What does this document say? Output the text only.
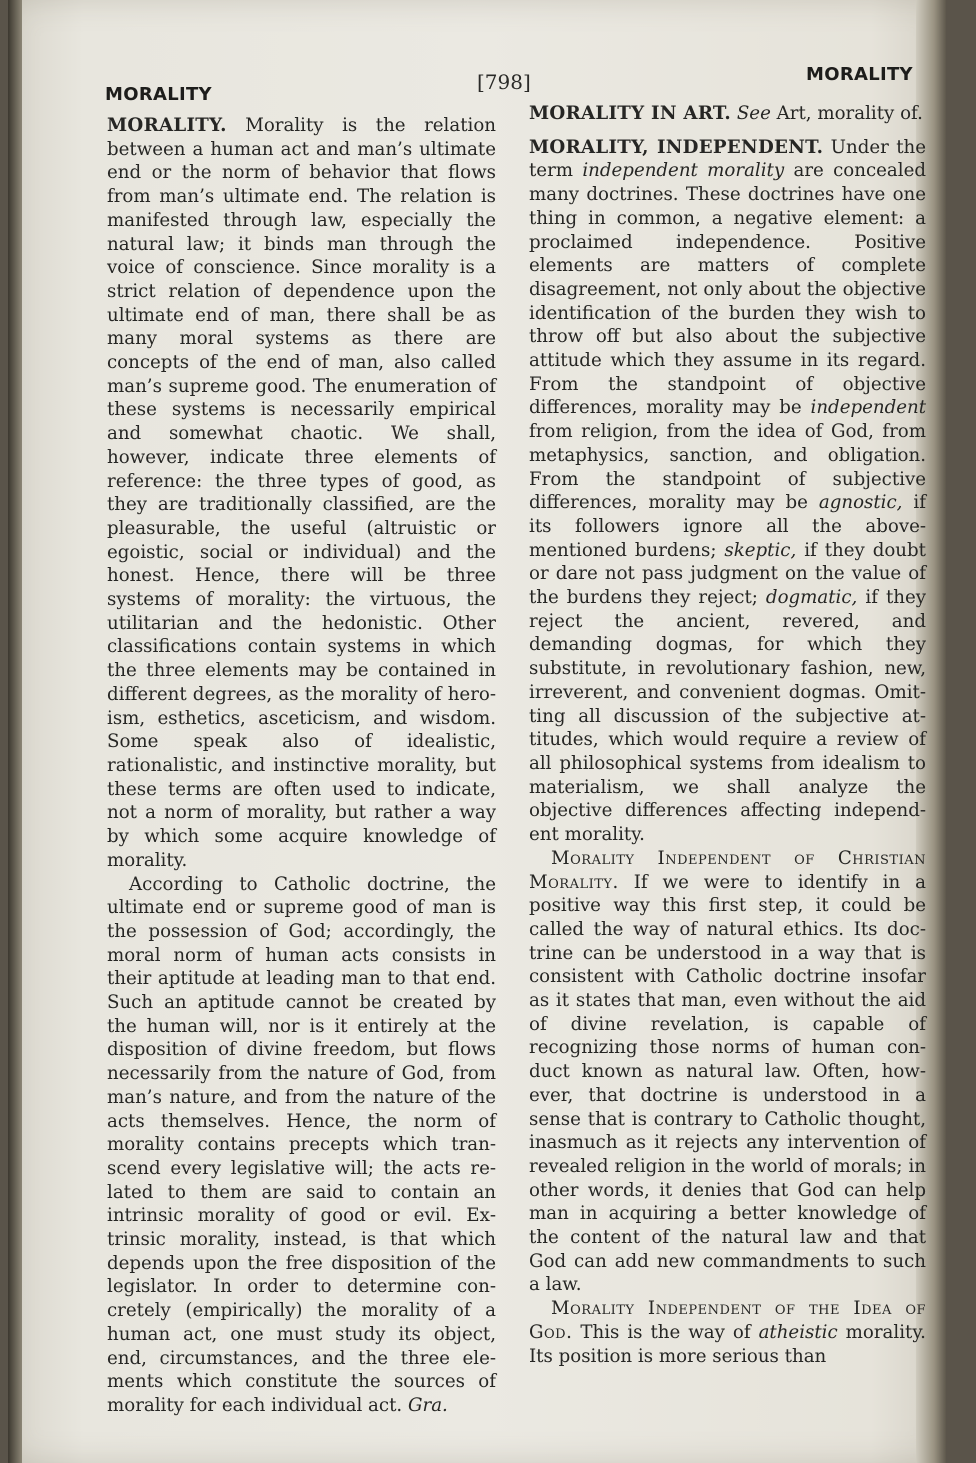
MORALITY
[798]	MORALITY

MORALITY. Morality is the relation between a human act and man’s ultimate end or the norm of behavior that flows from man’s ultimate end. The relation is manifested through law, especially the natural law; it binds man through the voice of conscience. Since morality is a strict relation of dependence upon the ultimate end of man, there shall be as many moral systems as there are concepts of the end of man, also called man’s supreme good. The enumeration of these systems is necessarily empirical and somewhat chaotic. We shall, however, indicate three elements of reference: the three types of good, as they are traditionally classified, are the pleasurable, the useful (altruistic or egoistic, social or individual) and the honest. Hence, there will be three systems of morality: the virtuous, the utilitarian and the hedonistic. Other classifications contain systems in which the three elements may be contained in different degrees, as the morality of heroism, esthetics, asceticism, and wisdom. Some speak also of idealistic, rationalistic, and instinctive morality, but these terms are often used to indicate, not a norm of morality, but rather a way by which some acquire knowledge of morality.

According to Catholic doctrine, the ultimate end or supreme good of man is the possession of God; accordingly, the moral norm of human acts consists in their aptitude at leading man to that end. Such an aptitude cannot be created by the human will, nor is it entirely at the disposition of divine freedom, but flows necessarily from the nature of God, from man’s nature, and from the nature of the acts themselves. Hence, the norm of morality contains precepts which transcend every legislative will; the acts related to them are said to contain an intrinsic morality of good or evil. Extrinsic morality, instead, is that which depends upon the free disposition of the legislator. In order to determine concretely (empirically) the morality of a human act, one must study its object, end, circumstances, and the three elements which constitute the sources of morality for each individual act. Gra.

MORALITY IN ART. See Art, morality of.

MORALITY, INDEPENDENT. Under the term independent morality are concealed many doctrines. These doctrines have one thing in common, a negative element: a proclaimed independence. Positive elements are matters of complete disagreement, not only about the objective identification of the burden they wish to throw off but also about the subjective attitude which they assume in its regard. From the standpoint of objective differences, morality may be independent from religion, from the idea of God, from metaphysics, sanction, and obligation. From the standpoint of subjective differences, morality may be agnostic, if its followers ignore all the above-mentioned burdens; skeptic, if they doubt or dare not pass judgment on the value of the burdens they reject; dogmatic, if they reject the ancient, revered, and demanding dogmas, for which they substitute, in revolutionary fashion, new, irreverent, and convenient dogmas. Omitting all discussion of the subjective attitudes, which would require a review of all philosophical systems from idealism to materialism, we shall analyze the objective differences affecting independent morality.

Morality Independent of Christian Morality. If we were to identify in a positive way this first step, it could be called the way of natural ethics. Its doctrine can be understood in a way that is consistent with Catholic doctrine insofar as it states that man, even without the aid of divine revelation, is capable of recognizing those norms of human conduct known as natural law. Often, however, that doctrine is understood in a sense that is contrary to Catholic thought, inasmuch as it rejects any intervention of revealed religion in the world of morals; in other words, it denies that God can help man in acquiring a better knowledge of the content of the natural law and that God can add new commandments to such a law.

Morality Independent of the Idea of God. This is the way of atheistic morality. Its position is more serious than
